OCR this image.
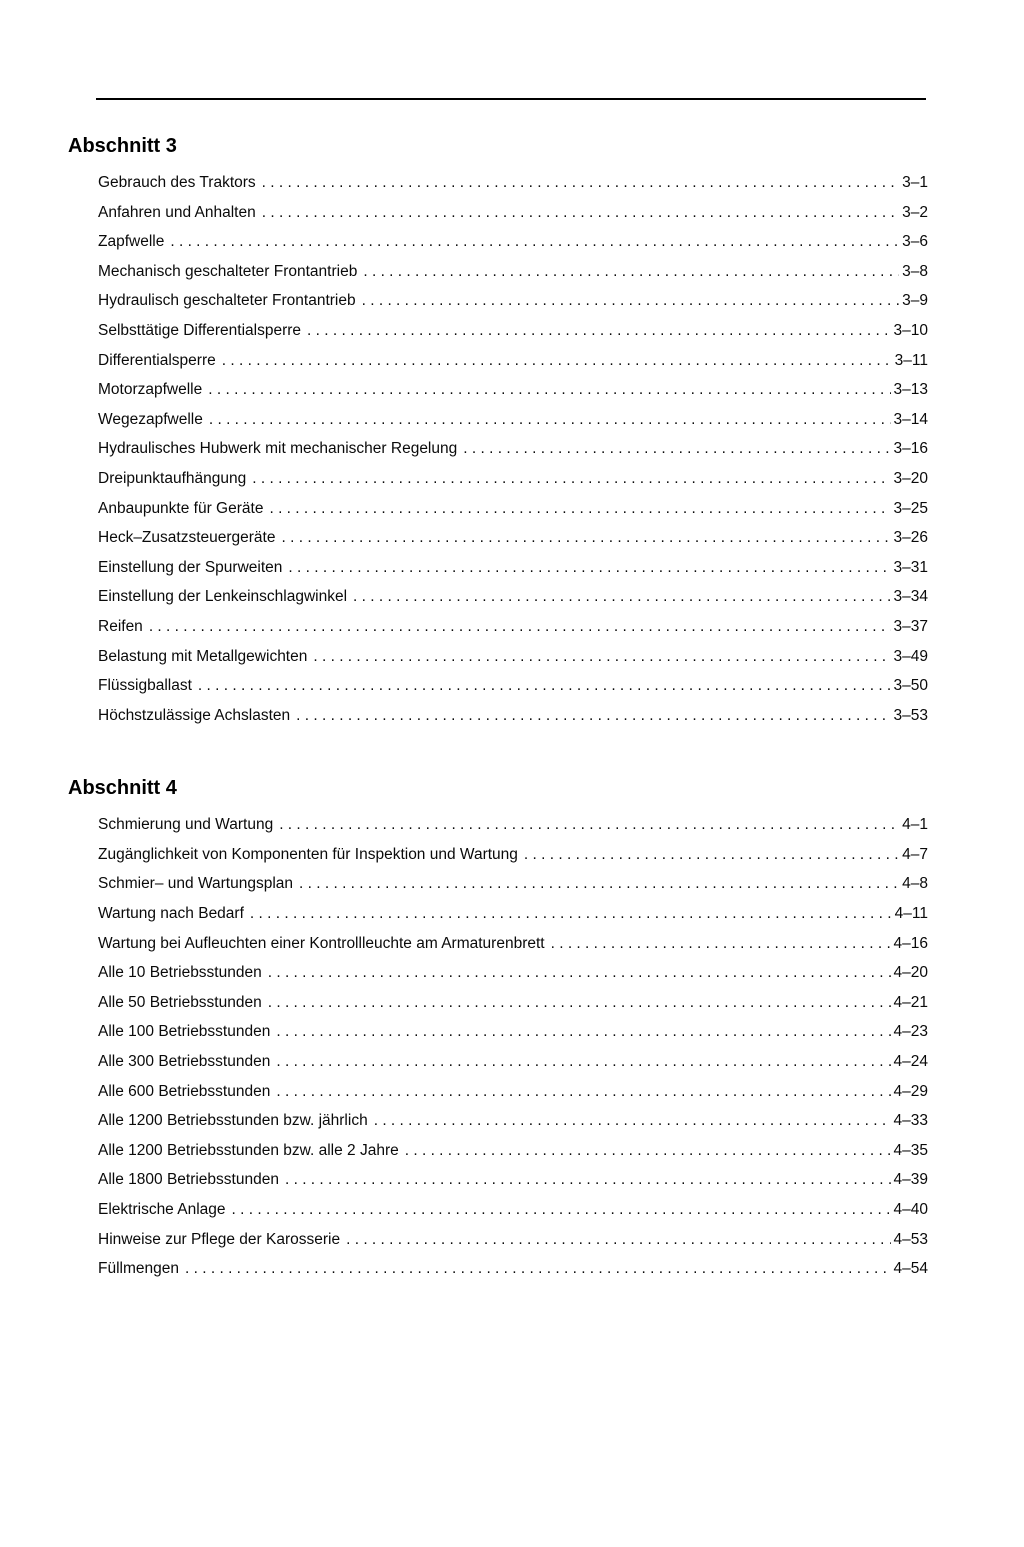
Abschnitt 3
Gebrauch des Traktors . . .	3–1
Anfahren und Anhalten . . .	3–2
Zapfwelle . . .	3–6
Mechanisch geschalteter Frontantrieb . . .	3–8
Hydraulisch geschalteter Frontantrieb . . .	3–9
Selbsttätige Differentialsperre . . .	3–10
Differentialsperre . . .	3–11
Motorzapfwelle . . .	3–13
Wegezapfwelle . . .	3–14
Hydraulisches Hubwerk mit mechanischer Regelung . . .	3–16
Dreipunktaufhängung . . .	3–20
Anbaupunkte für Geräte . . .	3–25
Heck–Zusatzsteuergeräte . . .	3–26
Einstellung der Spurweiten . . .	3–31
Einstellung der Lenkeinschlagwinkel . . .	3–34
Reifen . . .	3–37
Belastung mit Metallgewichten . . .	3–49
Flüssigballast . . .	3–50
Höchstzulässige Achslasten . . .	3–53
Abschnitt 4
Schmierung und Wartung . . .	4–1
Zugänglichkeit von Komponenten für Inspektion und Wartung . . .	4–7
Schmier– und Wartungsplan . . .	4–8
Wartung nach Bedarf . . .	4–11
Wartung bei Aufleuchten einer Kontrollleuchte am Armaturenbrett . . .	4–16
Alle 10 Betriebsstunden . . .	4–20
Alle 50 Betriebsstunden . . .	4–21
Alle 100 Betriebsstunden . . .	4–23
Alle 300 Betriebsstunden . . .	4–24
Alle 600 Betriebsstunden . . .	4–29
Alle 1200 Betriebsstunden bzw. jährlich . . .	4–33
Alle 1200 Betriebsstunden bzw. alle 2 Jahre . . .	4–35
Alle 1800 Betriebsstunden . . .	4–39
Elektrische Anlage . . .	4–40
Hinweise zur Pflege der Karosserie . . .	4–53
Füllmengen . . .	4–54
